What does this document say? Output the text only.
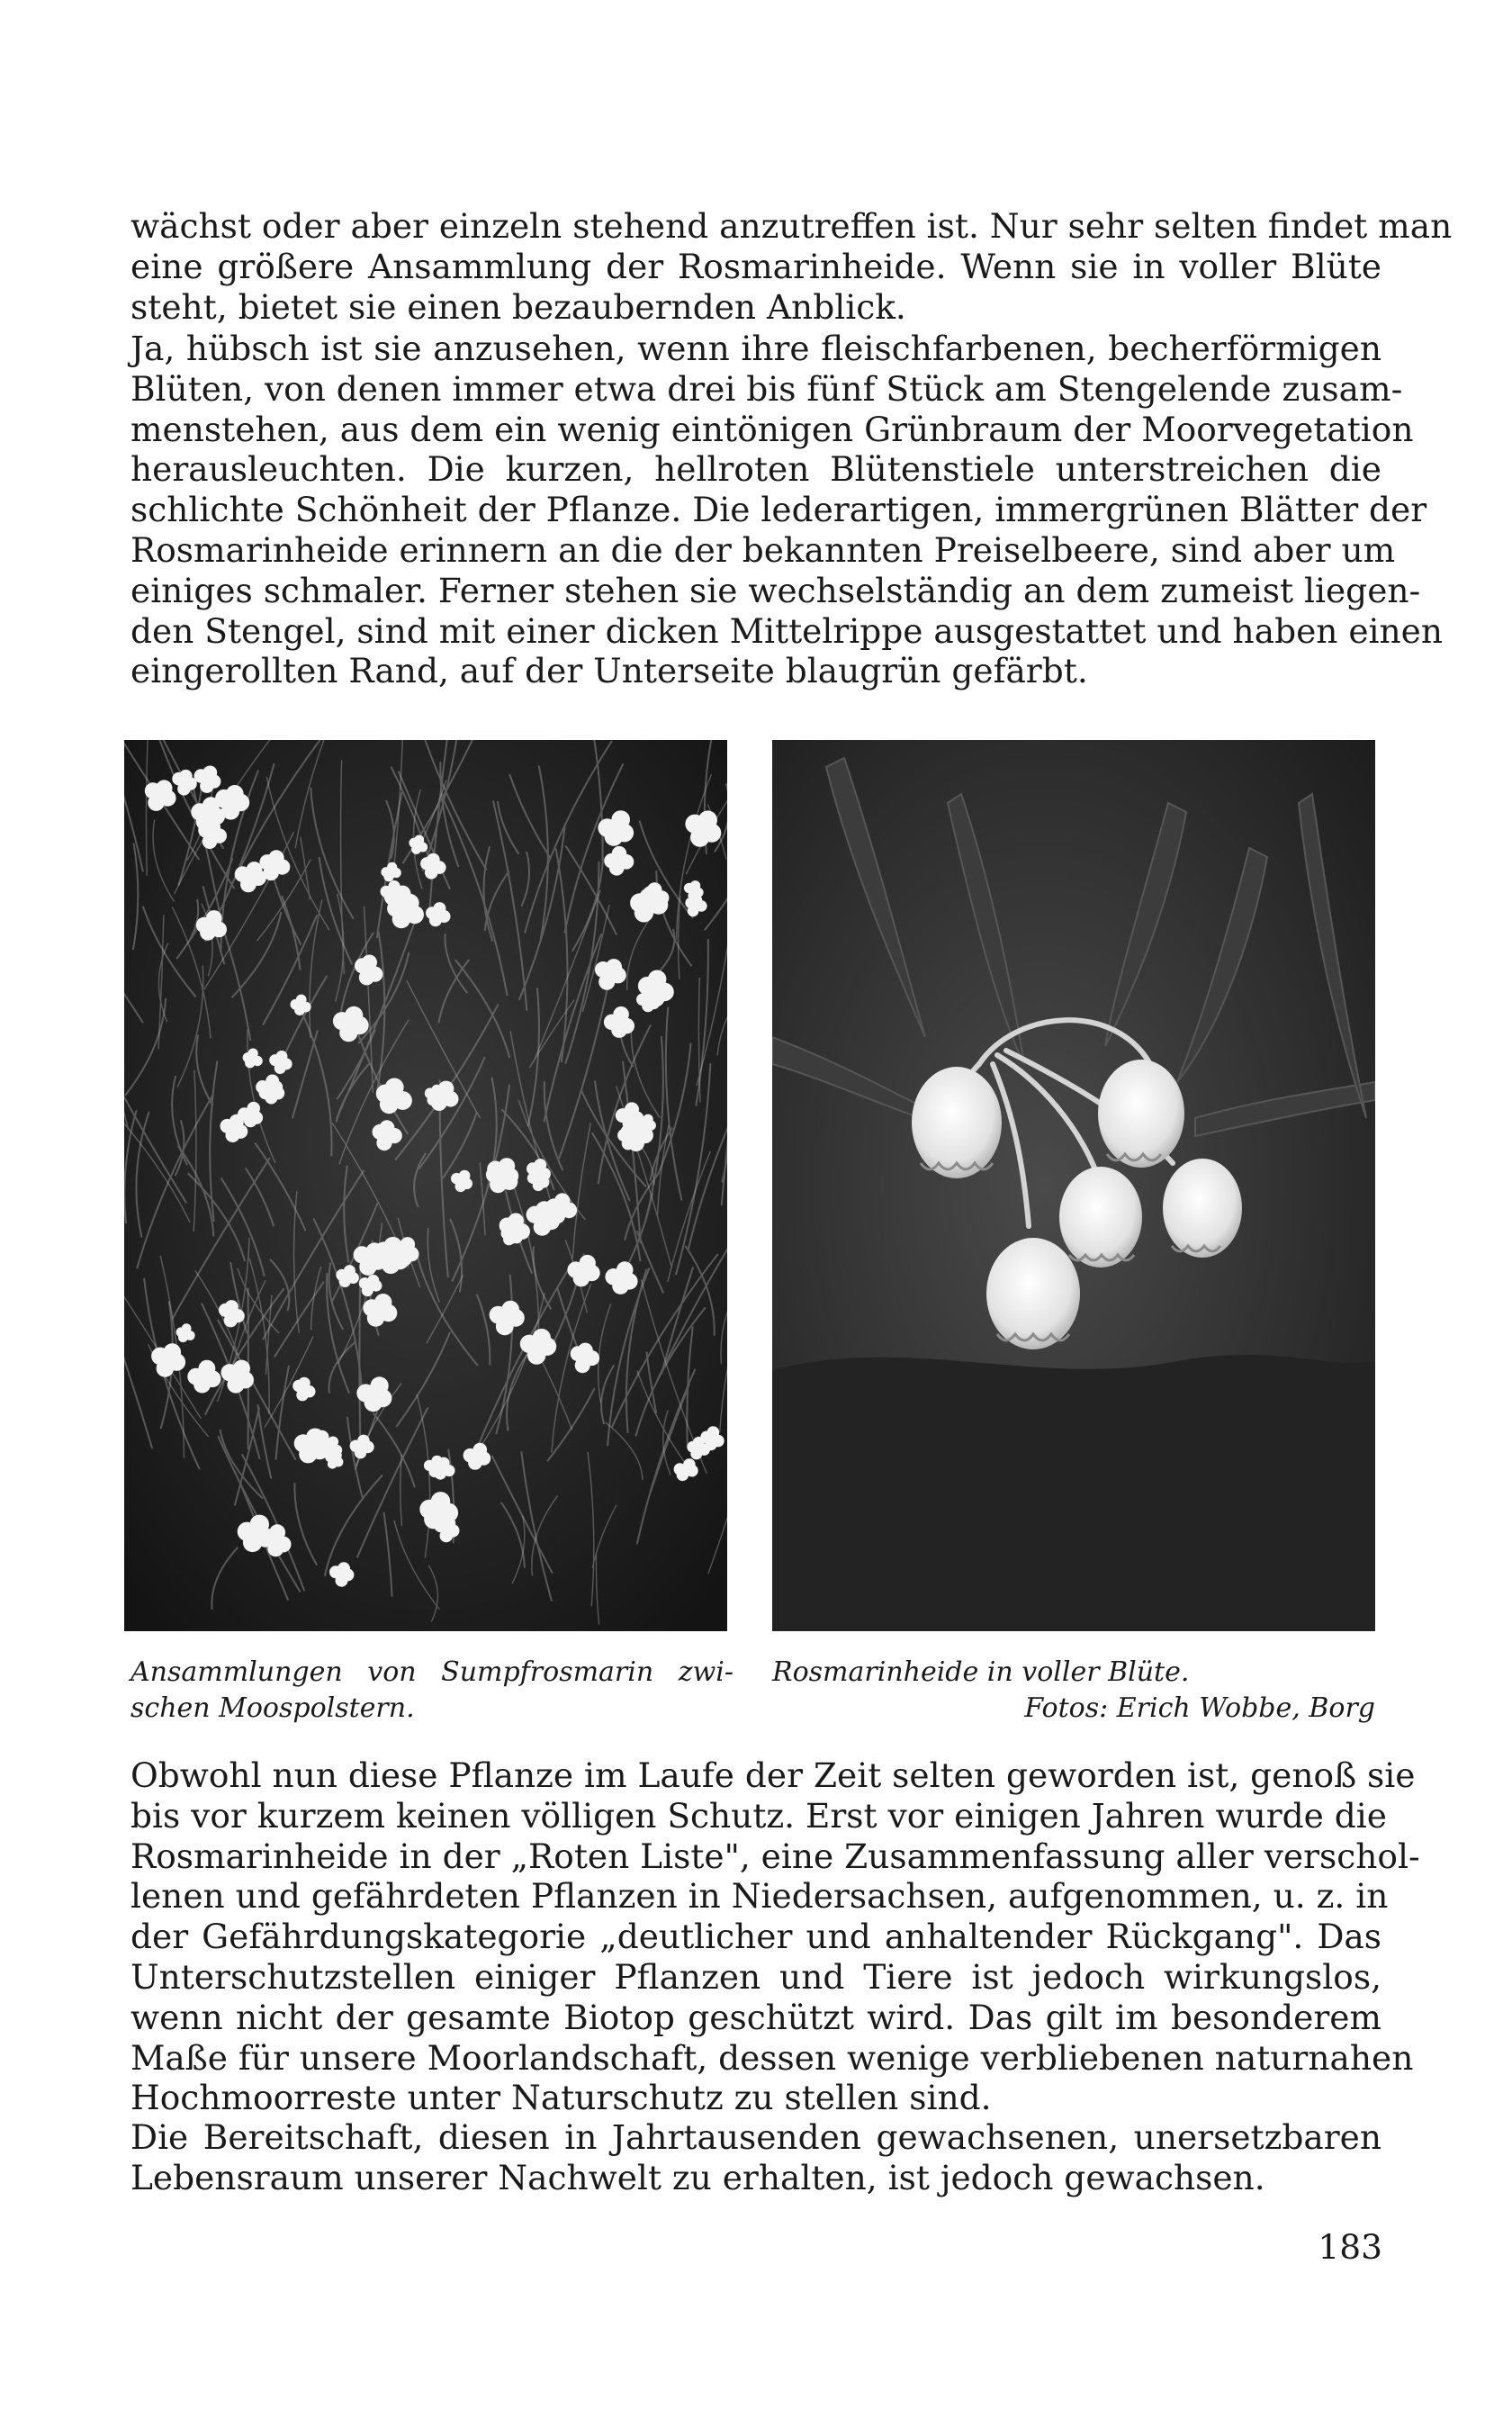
wächst oder aber einzeln stehend anzutreffen ist. Nur sehr selten findet man
eine größere Ansammlung der Rosmarinheide. Wenn sie in voller Blüte
steht, bietet sie einen bezaubernden Anblick.
Ja, hübsch ist sie anzusehen, wenn ihre fleischfarbenen, becherförmigen
Blüten, von denen immer etwa drei bis fünf Stück am Stengelende zusam-
menstehen, aus dem ein wenig eintönigen Grünbraum der Moorvegetation
herausleuchten. Die kurzen, hellroten Blütenstiele unterstreichen die
schlichte Schönheit der Pflanze. Die lederartigen, immergrünen Blätter der
Rosmarinheide erinnern an die der bekannten Preiselbeere, sind aber um
einiges schmaler. Ferner stehen sie wechselständig an dem zumeist liegen-
den Stengel, sind mit einer dicken Mittelrippe ausgestattet und haben einen
eingerollten Rand, auf der Unterseite blaugrün gefärbt.
Ansammlungen von Sumpfrosmarin zwi-
schen Moospolstern.
Rosmarinheide in voller Blüte.
Fotos: Erich Wobbe, Borg
Obwohl nun diese Pflanze im Laufe der Zeit selten geworden ist, genoß sie
bis vor kurzem keinen völligen Schutz. Erst vor einigen Jahren wurde die
Rosmarinheide in der „Roten Liste", eine Zusammenfassung aller verschol-
lenen und gefährdeten Pflanzen in Niedersachsen, aufgenommen, u. z. in
der Gefährdungskategorie „deutlicher und anhaltender Rückgang". Das
Unterschutzstellen einiger Pflanzen und Tiere ist jedoch wirkungslos,
wenn nicht der gesamte Biotop geschützt wird. Das gilt im besonderem
Maße für unsere Moorlandschaft, dessen wenige verbliebenen naturnahen
Hochmoorreste unter Naturschutz zu stellen sind.
Die Bereitschaft, diesen in Jahrtausenden gewachsenen, unersetzbaren
Lebensraum unserer Nachwelt zu erhalten, ist jedoch gewachsen.
183
